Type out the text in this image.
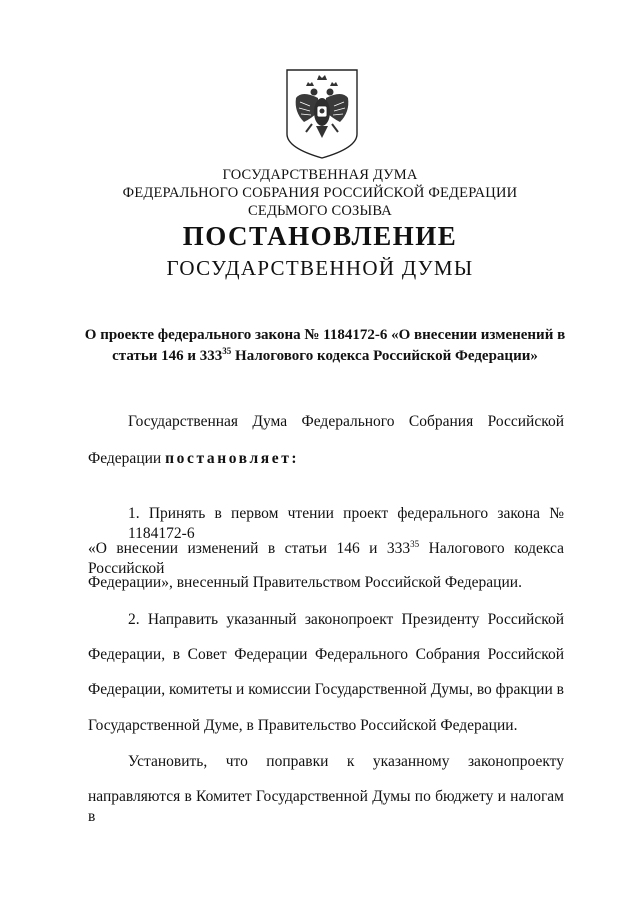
ГОСУДАРСТВЕННАЯ ДУМА
ФЕДЕРАЛЬНОГО СОБРАНИЯ РОССИЙСКОЙ ФЕДЕРАЦИИ
СЕДЬМОГО СОЗЫВА
ПОСТАНОВЛЕНИЕ
ГОСУДАРСТВЕННОЙ ДУМЫ
О проекте федерального закона № 1184172-6 «О внесении изменений в статьи 146 и $333^{35}$ Налогового кодекса Российской Федерации»
Государственная Дума Федерального Собрания Российской
Федерации постановляет:
1. Принять в первом чтении проект федерального закона № 1184172-6
«О внесении изменений в статьи 146 и $333^{35}$ Налогового кодекса Российской
Федерации», внесенный Правительством Российской Федерации.
2. Направить указанный законопроект Президенту Российской
Федерации, в Совет Федерации Федерального Собрания Российской
Федерации, комитеты и комиссии Государственной Думы, во фракции в
Государственной Думе, в Правительство Российской Федерации.
Установить, что поправки к указанному законопроекту
направляются в Комитет Государственной Думы по бюджету и налогам в
